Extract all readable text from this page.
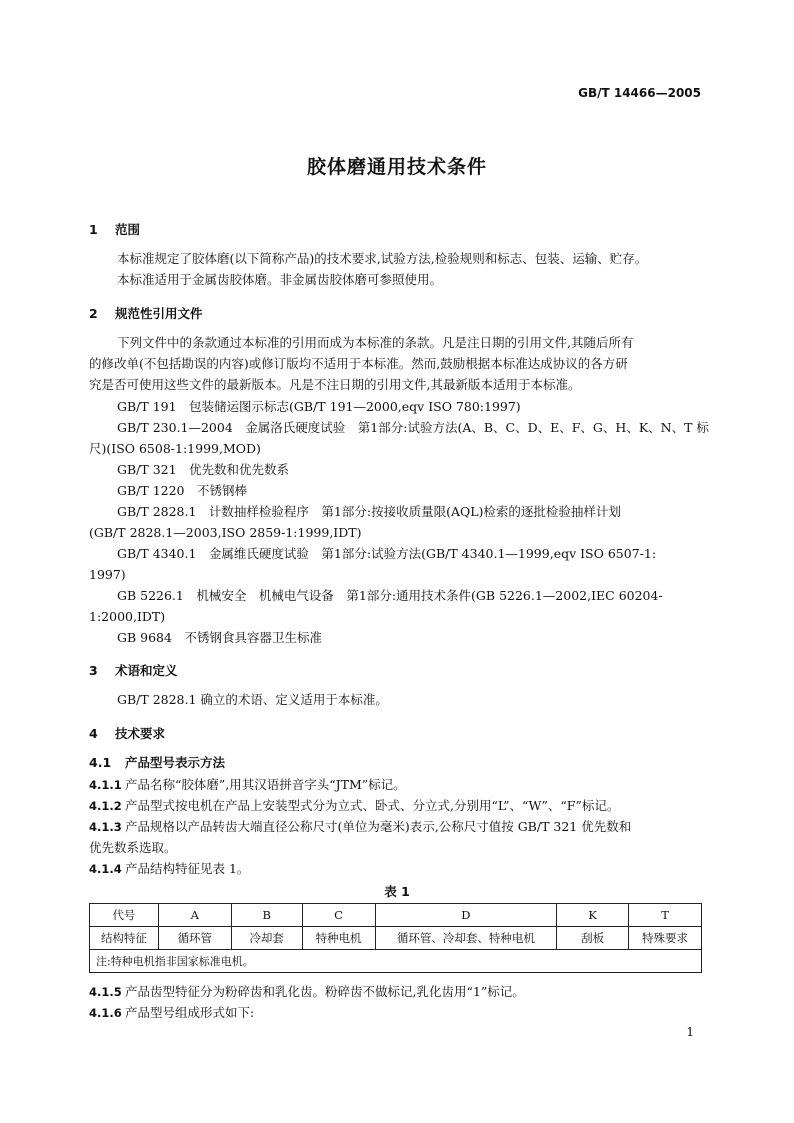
GB/T 14466—2005
胶体磨通用技术条件
1 范围
本标准规定了胶体磨(以下简称产品)的技术要求,试验方法,检验规则和标志、包装、运输、贮存。
本标准适用于金属齿胶体磨。非金属齿胶体磨可参照使用。
2 规范性引用文件
下列文件中的条款通过本标准的引用而成为本标准的条款。凡是注日期的引用文件,其随后所有
的修改单(不包括勘误的内容)或修订版均不适用于本标准。然而,鼓励根据本标准达成协议的各方研
究是否可使用这些文件的最新版本。凡是不注日期的引用文件,其最新版本适用于本标准。
GB/T 191　包装储运图示标志(GB/T 191—2000,eqv ISO 780:1997)
GB/T 230.1—2004　金属洛氏硬度试验　第1部分:试验方法(A、B、C、D、E、F、G、H、K、N、T 标
尺)(ISO 6508-1:1999,MOD)
GB/T 321　优先数和优先数系
GB/T 1220　不锈钢棒
GB/T 2828.1　计数抽样检验程序　第1部分:按接收质量限(AQL)检索的逐批检验抽样计划
(GB/T 2828.1—2003,ISO 2859-1:1999,IDT)
GB/T 4340.1　金属维氏硬度试验　第1部分:试验方法(GB/T 4340.1—1999,eqv ISO 6507-1:
1997)
GB 5226.1　机械安全　机械电气设备　第1部分:通用技术条件(GB 5226.1—2002,IEC 60204-
1:2000,IDT)
GB 9684　不锈钢食具容器卫生标准
3 术语和定义
GB/T 2828.1 确立的术语、定义适用于本标准。
4 技术要求
4.1 产品型号表示方法
4.1.1 产品名称“胶体磨”,用其汉语拼音字头“JTM”标记。
4.1.2 产品型式按电机在产品上安装型式分为立式、卧式、分立式,分别用“L”、“W”、“F”标记。
4.1.3 产品规格以产品转齿大端直径公称尺寸(单位为毫米)表示,公称尺寸值按 GB/T 321 优先数和
优先数系选取。
4.1.4 产品结构特征见表 1。
表 1
代号	A	B	C	D	K	T
结构特征	循环管	冷却套	特种电机	循环管、冷却套、特种电机	刮板	特殊要求
注:特种电机指非国家标准电机。						
4.1.5 产品齿型特征分为粉碎齿和乳化齿。粉碎齿不做标记,乳化齿用“1”标记。
4.1.6 产品型号组成形式如下:
1
